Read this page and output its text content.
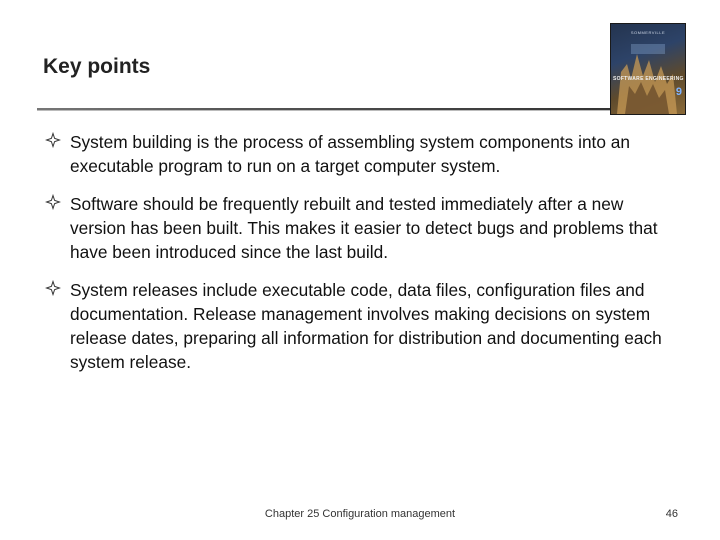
Key points
SOMMERVILLE
SOFTWARE ENGINEERING
9
System building is the process of assembling system components into an executable program to run on a target computer system.
Software should be frequently rebuilt and tested immediately after a new version has been built. This makes it easier to detect bugs and problems that have been introduced since the last build.
System releases include executable code, data files, configuration files and documentation. Release management involves making decisions on system release dates, preparing all information for distribution and documenting each system release.
Chapter 25 Configuration management	46
